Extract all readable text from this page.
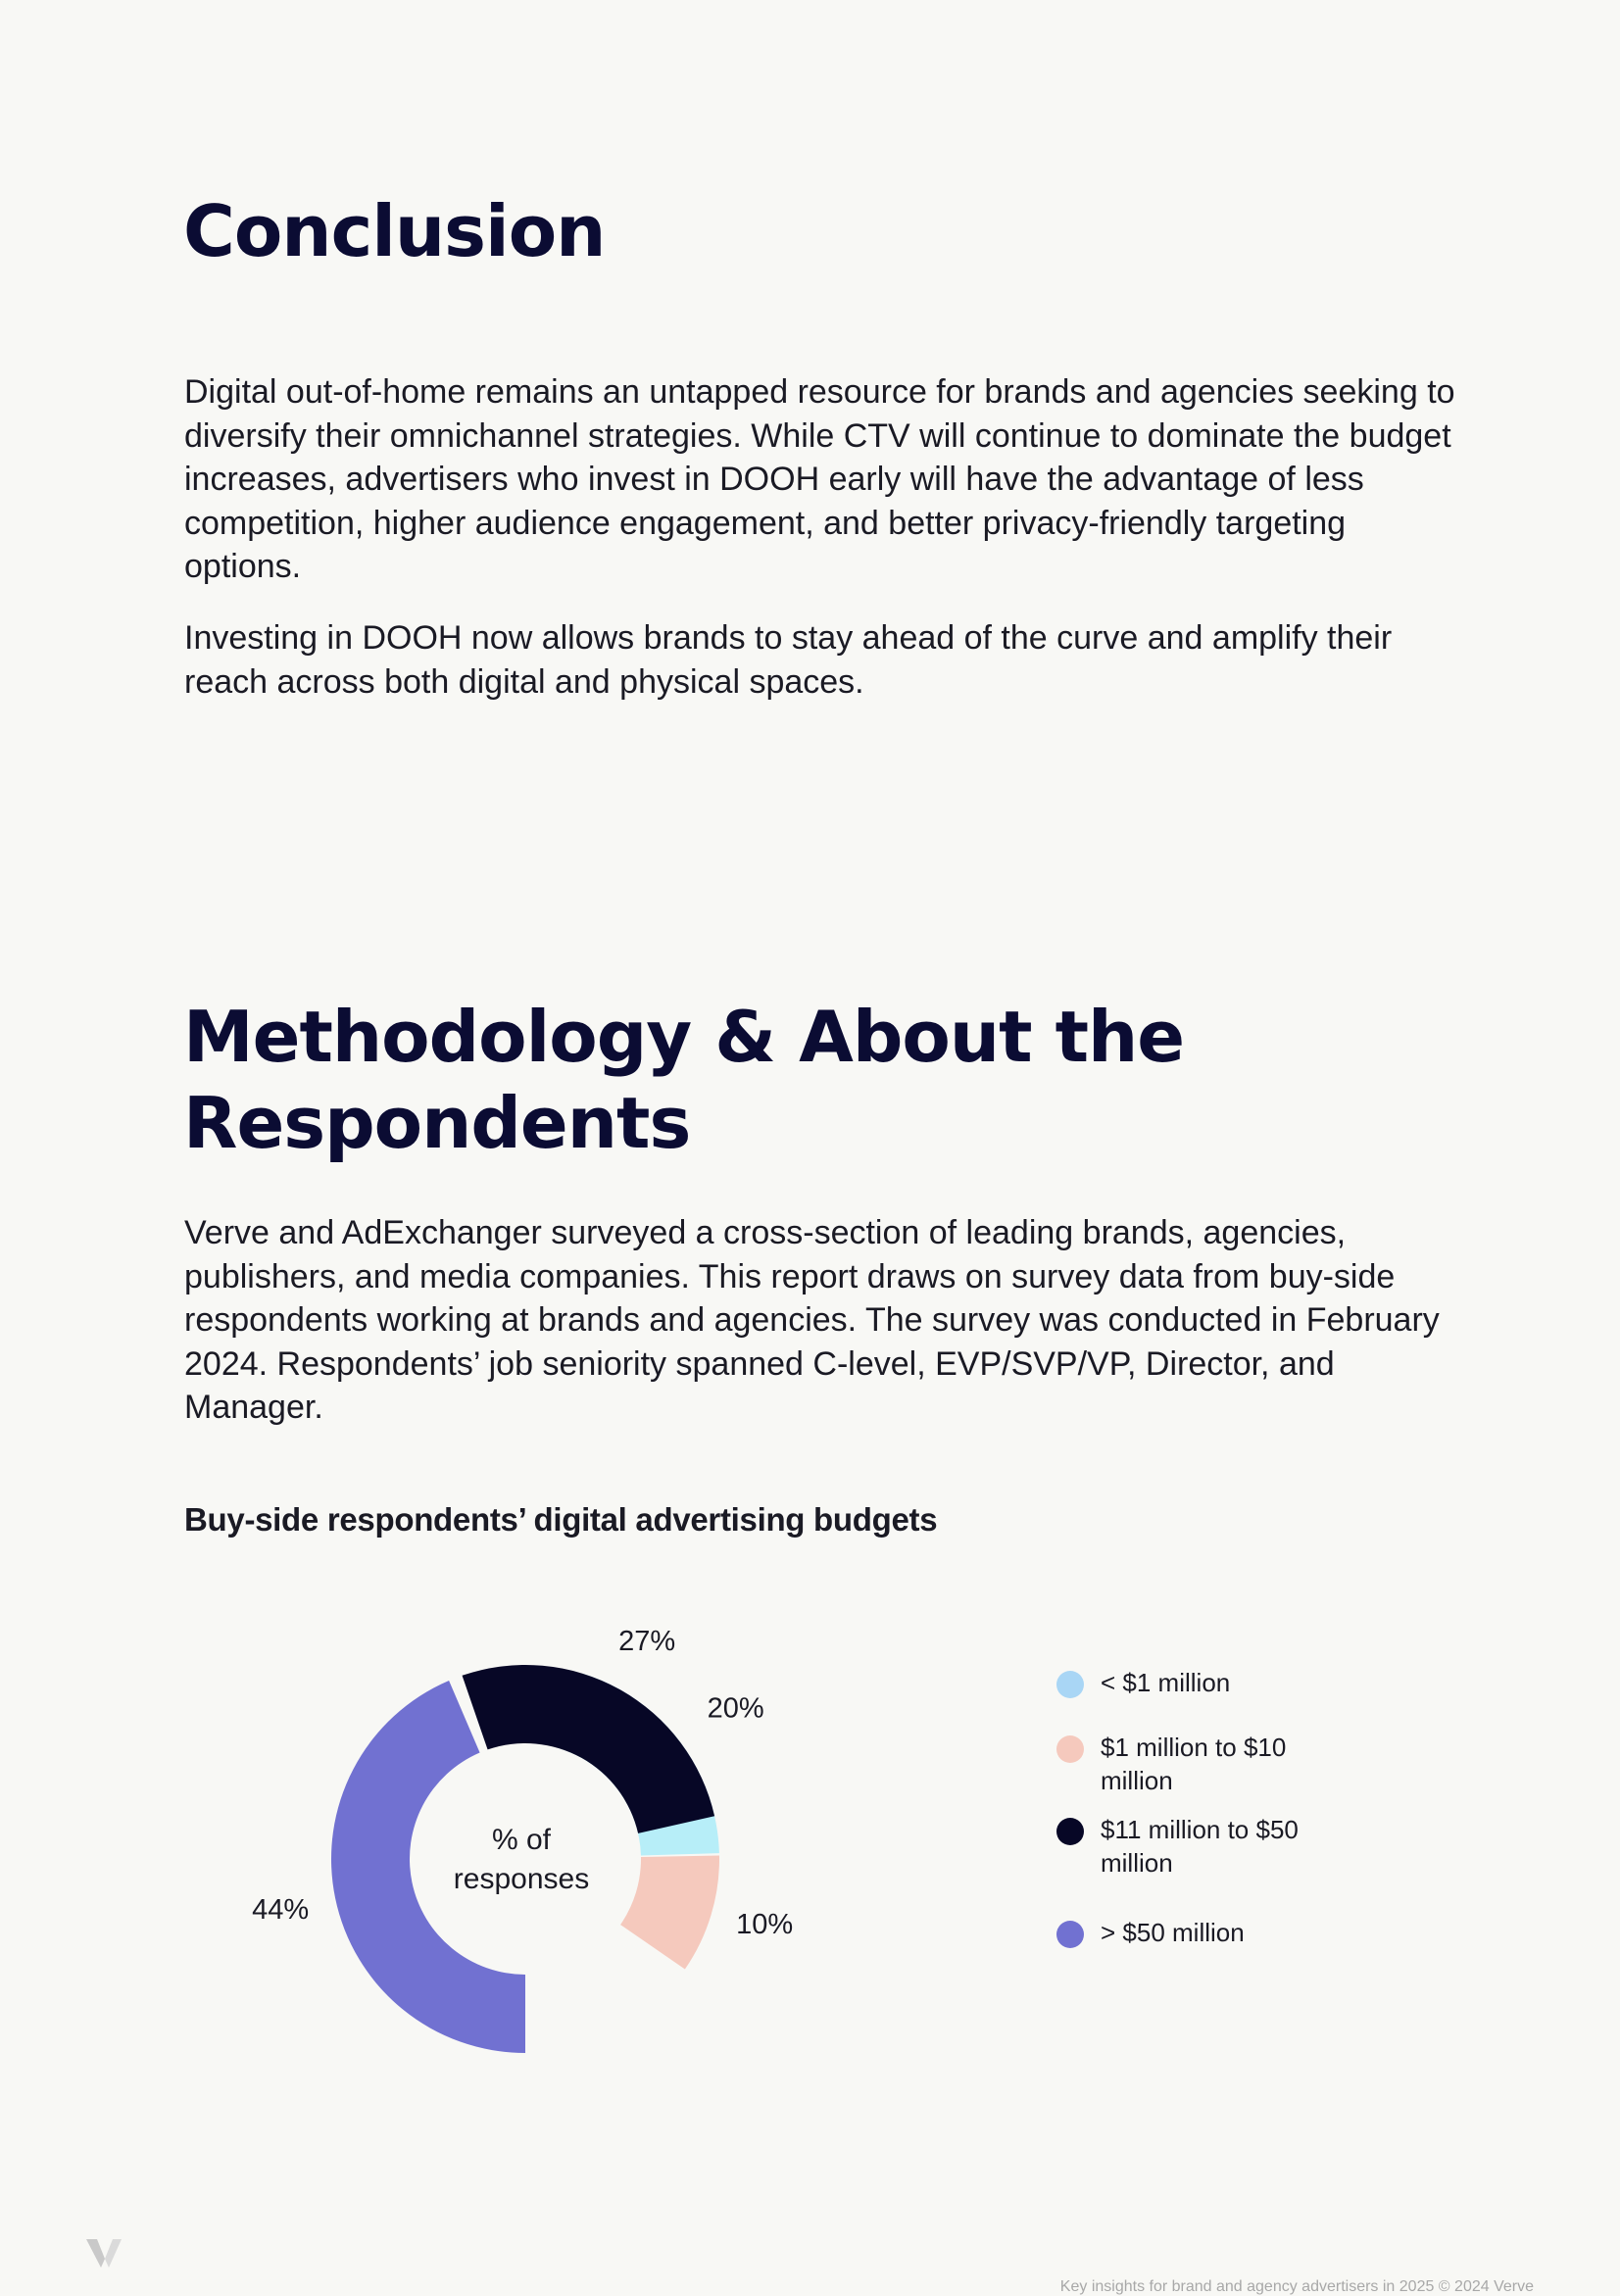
Conclusion

Digital out-of-home remains an untapped resource for brands and agencies seeking to diversify their omnichannel strategies. While CTV will continue to dominate the budget increases, advertisers who invest in DOOH early will have the advantage of less competition, higher audience engagement, and better privacy-friendly targeting options.

Investing in DOOH now allows brands to stay ahead of the curve and amplify their reach across both digital and physical spaces.

Methodology & About the Respondents

Verve and AdExchanger surveyed a cross-section of leading brands, agencies, publishers, and media companies. This report draws on survey data from buy-side respondents working at brands and agencies. The survey was conducted in February 2024. Respondents’ job seniority spanned C-level, EVP/SVP/VP, Director, and Manager.

Buy-side respondents’ digital advertising budgets
20%
10%
27%
44%
% of
responses
< $1 million
$1 million to $10 million
$11 million to $50 million
> $50 million

Key insights for brand and agency advertisers in 2025 © 2024 Verve
